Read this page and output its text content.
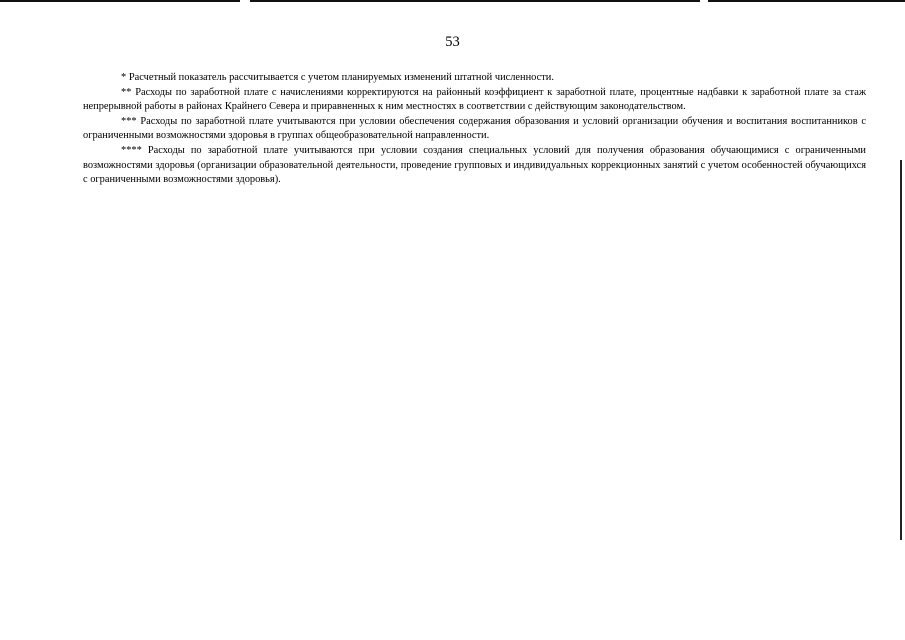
53

* Расчетный показатель рассчитывается с учетом планируемых изменений штатной численности.

** Расходы по заработной плате с начислениями корректируются на районный коэффициент к заработной плате, процентные надбавки к заработной плате за стаж непрерывной работы в районах Крайнего Севера и приравненных к ним местностях в соответствии с действующим законодательством.

*** Расходы по заработной плате учитываются при условии обеспечения содержания образования и условий организации обучения и воспитания воспитанников с ограниченными возможностями здоровья в группах общеобразовательной направленности.

**** Расходы по заработной плате учитываются при условии создания специальных условий для получения образования обучающимися с ограниченными возможностями здоровья (организации образовательной деятельности, проведение групповых и индивидуальных коррекционных занятий с учетом особенностей обучающихся с ограниченными возможностями здоровья).
